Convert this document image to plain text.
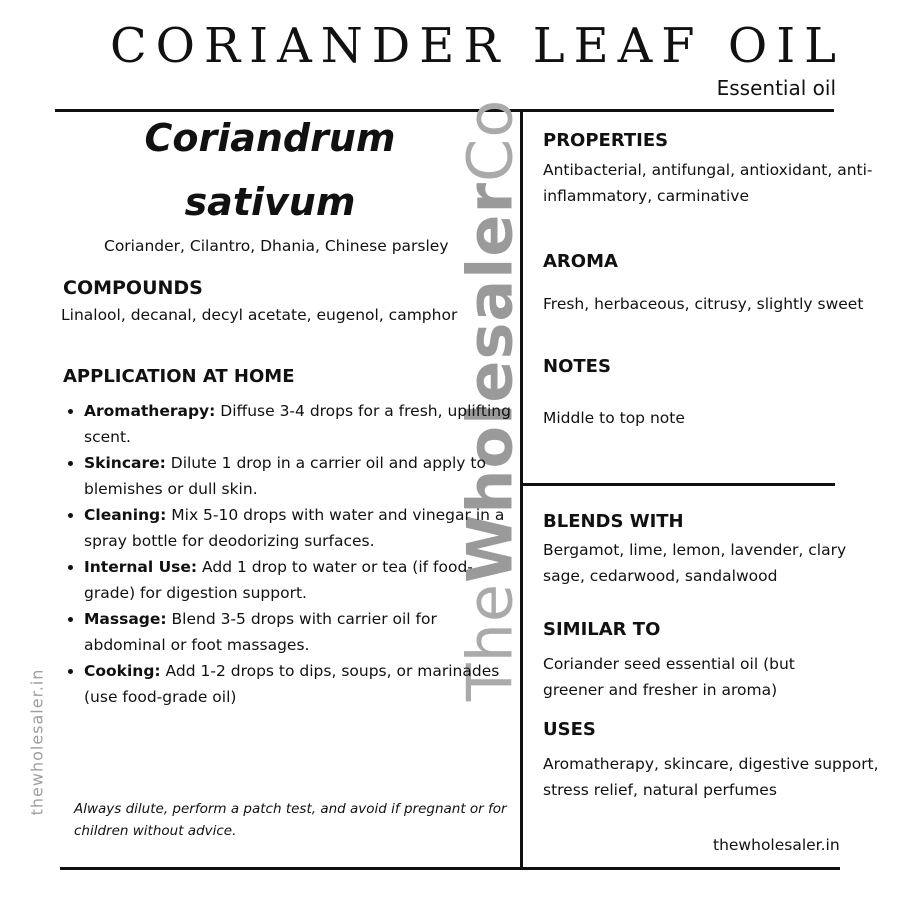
CORIANDER LEAF OIL
Essential oil
TheWholesalerCo
thewholesaler.in
Coriandrum
sativum
Coriander, Cilantro, Dhania, Chinese parsley
COMPOUNDS
Linalool, decanal, decyl acetate, eugenol, camphor
APPLICATION AT HOME
• Aromatherapy: Diffuse 3-4 drops for a fresh, uplifting scent.
• Skincare: Dilute 1 drop in a carrier oil and apply to blemishes or dull skin.
• Cleaning: Mix 5-10 drops with water and vinegar in a spray bottle for deodorizing surfaces.
• Internal Use: Add 1 drop to water or tea (if food-grade) for digestion support.
• Massage: Blend 3-5 drops with carrier oil for abdominal or foot massages.
• Cooking: Add 1-2 drops to dips, soups, or marinades (use food-grade oil)
Always dilute, perform a patch test, and avoid if pregnant or for children without advice.
PROPERTIES
Antibacterial, antifungal, antioxidant, anti-inflammatory, carminative
AROMA
Fresh, herbaceous, citrusy, slightly sweet
NOTES
Middle to top note
BLENDS WITH
Bergamot, lime, lemon, lavender, clary sage, cedarwood, sandalwood
SIMILAR TO
Coriander seed essential oil (but greener and fresher in aroma)
USES
Aromatherapy, skincare, digestive support, stress relief, natural perfumes
thewholesaler.in
